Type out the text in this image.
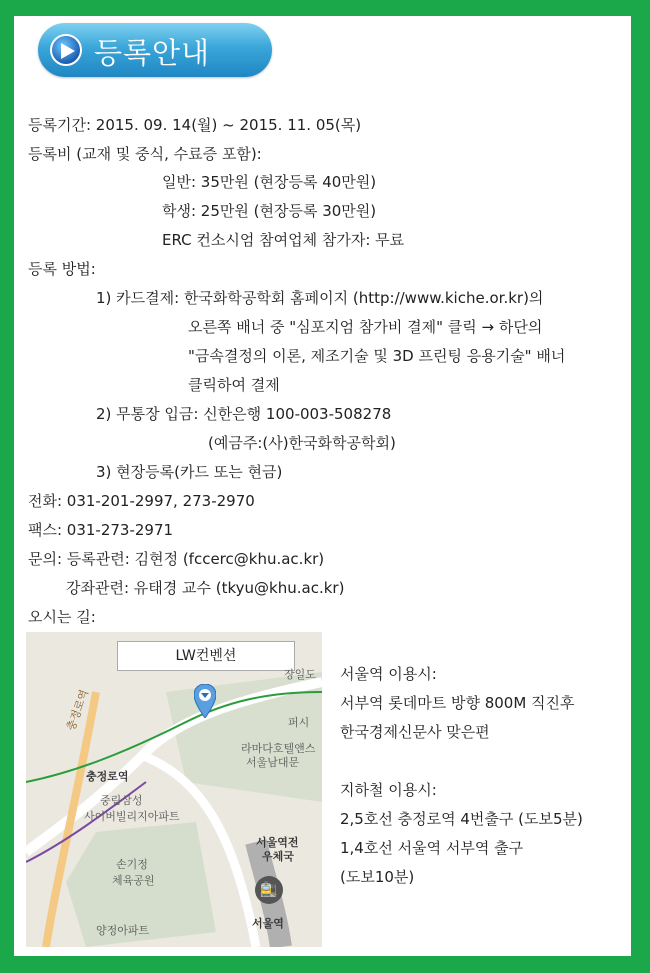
등록안내
등록기간: 2015. 09. 14(월) ~ 2015. 11. 05(목)
등록비 (교재 및 중식, 수료증 포함):
일반: 35만원 (현장등록 40만원)
학생: 25만원 (현장등록 30만원)
ERC 컨소시엄 참여업체 참가자: 무료
등록 방법:
1) 카드결제: 한국화학공학회 홈페이지 (http://www.kiche.or.kr)의
오른쪽 배너 중 "심포지엄 참가비 결제" 클릭 → 하단의
"금속결정의 이론, 제조기술 및 3D 프린팅 응용기술" 배너
클릭하여 결제
2) 무통장 입금: 신한은행 100-003-508278
(예금주:(사)한국화학공학회)
3) 현장등록(카드 또는 현금)
전화: 031-201-2997, 273-2970
팩스: 031-273-2971
문의: 등록관련: 김현정 (fccerc@khu.ac.kr)
강좌관련: 유태경 교수 (tkyu@khu.ac.kr)
오시는 길:
LW컨벤션
충정로역
중림삼성
사이버빌리지아파트
손기정
체육공원
양정아파트
라마다호텔앤스
서울남대문
서울역전
우체국
🚉
서울역
퍼시
장일도
충정로역
서울역 이용시:
서부역 롯데마트 방향 800M 직진후
한국경제신문사 맞은편
지하철 이용시:
2,5호선 충정로역 4번출구 (도보5분)
1,4호선 서울역 서부역 출구
(도보10분)
